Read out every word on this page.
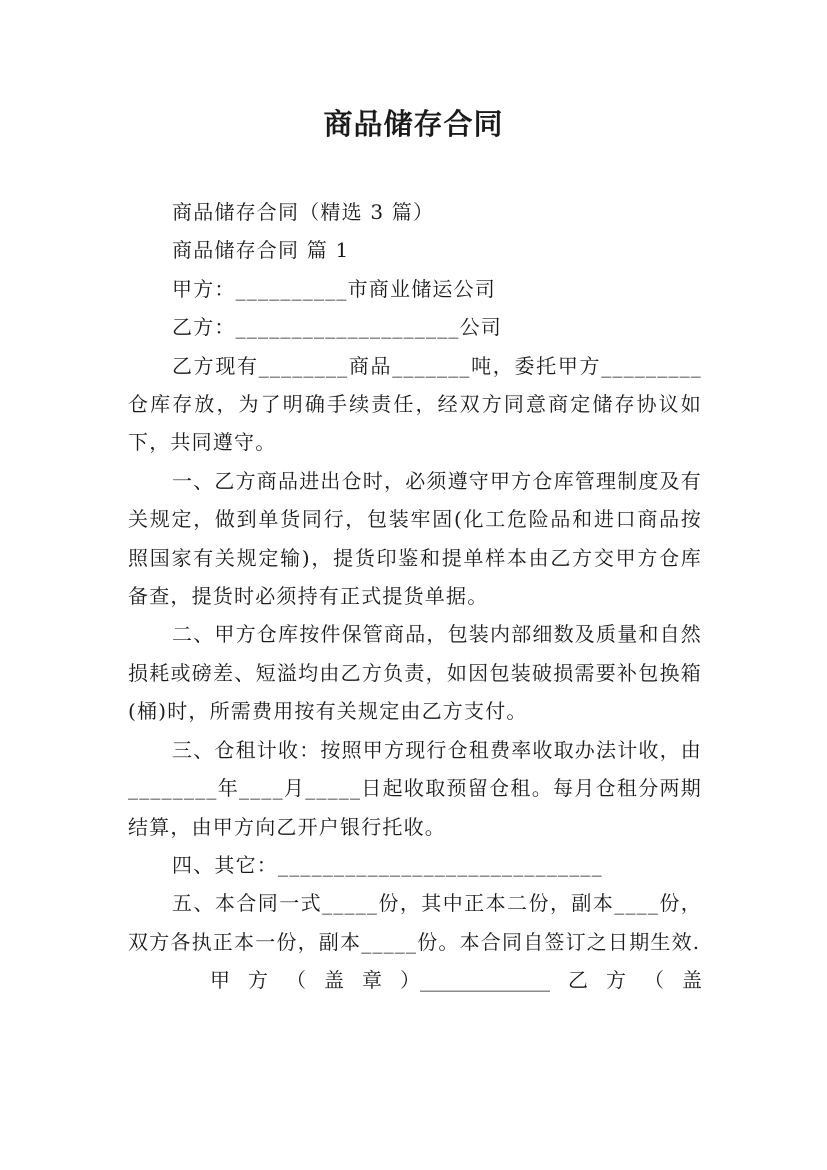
商品储存合同

商品储存合同（精选 3 篇）

商品储存合同 篇 1

甲方：__________市商业储运公司

乙方：____________________公司

乙方现有________商品_______吨，委托甲方_________仓库存放，为了明确手续责任，经双方同意商定储存协议如下，共同遵守。

一、乙方商品进出仓时，必须遵守甲方仓库管理制度及有关规定，做到单货同行，包装牢固(化工危险品和进口商品按照国家有关规定输)，提货印鉴和提单样本由乙方交甲方仓库备查，提货时必须持有正式提货单据。

二、甲方仓库按件保管商品，包装内部细数及质量和自然损耗或磅差、短溢均由乙方负责，如因包装破损需要补包换箱(桶)时，所需费用按有关规定由乙方支付。

三、仓租计收：按照甲方现行仓租费率收取办法计收，由________年____月_____日起收取预留仓租。每月仓租分两期结算，由甲方向乙开户银行托收。

四、其它：_____________________________

五、本合同一式_____份，其中正本二份，副本____份，双方各执正本一份，副本_____份。本合同自签订之日期生效.

甲 方 （ 盖 章 ）_____________ 乙 方 （ 盖
